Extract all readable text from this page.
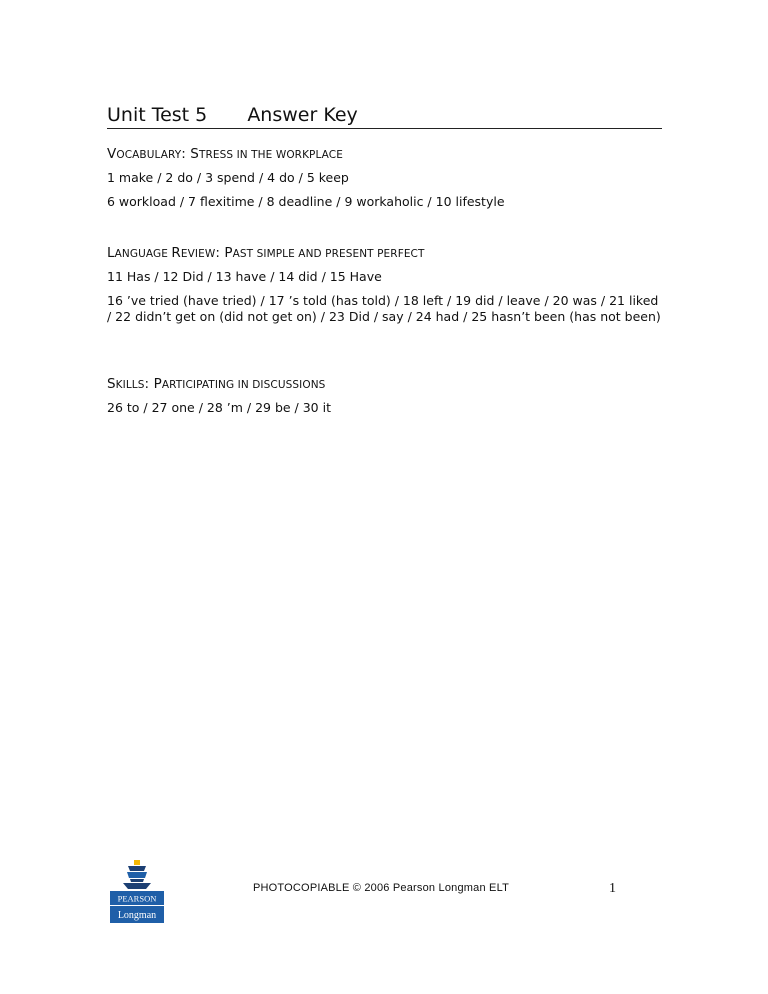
Unit Test 5 Answer Key
VOCABULARY: STRESS IN THE WORKPLACE
1 make / 2 do / 3 spend / 4 do / 5 keep
6 workload / 7 flexitime / 8 deadline / 9 workaholic / 10 lifestyle
LANGUAGE REVIEW: PAST SIMPLE AND PRESENT PERFECT
11 Has / 12 Did / 13 have / 14 did / 15 Have
16 ’ve tried (have tried) / 17 ’s told (has told) / 18 left / 19 did / leave / 20 was / 21 liked / 22 didn’t get on (did not get on) / 23 Did / say / 24 had / 25 hasn’t been (has not been)
SKILLS: PARTICIPATING IN DISCUSSIONS
26 to / 27 one / 28 ’m / 29 be / 30 it
PEARSON
Longman
PHOTOCOPIABLE © 2006 Pearson Longman ELT	1
